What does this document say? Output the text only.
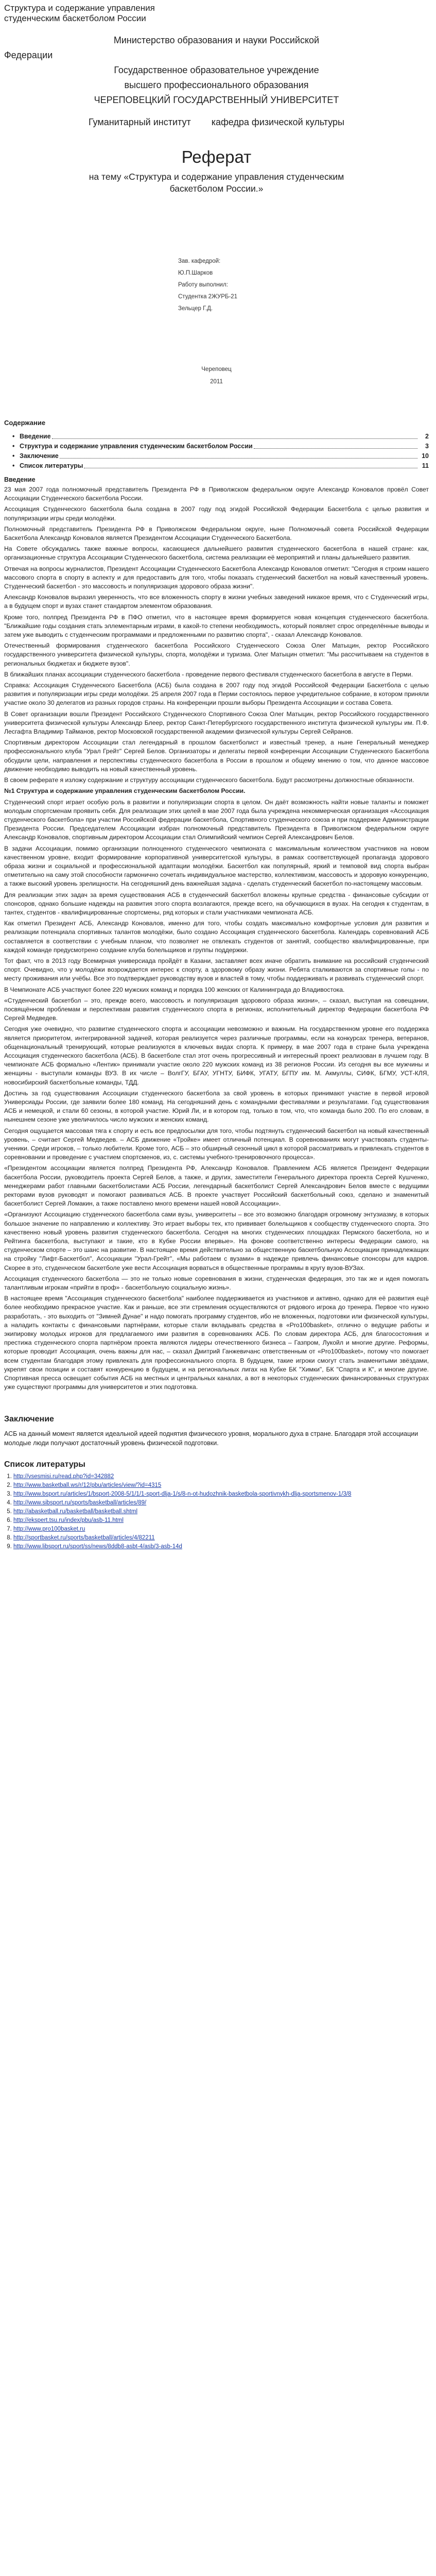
Структура и содержание управления студенческим баскетболом России
Министерство образования и науки Российской
Федерации
Государственное образовательное учреждение
высшего профессионального образования
ЧЕРЕПОВЕЦКИЙ ГОСУДАРСТВЕННЫЙ УНИВЕРСИТЕТ
Гуманитарный институт кафедра физической культуры
Реферат
на тему «Структура и содержание управления студенческим баскетболом России.»
Зав. кафедрой:
Ю.П.Шарков
Работу выполнил:
Студентка 2ЖУРБ-21
Зельцер Г.Д.
Череповец
2011
Содержание
• Введение	2
• Структура и содержание управления студенческим баскетболом России	3
• Заключение	10
• Список литературы	11
Введение

23 мая 2007 года полномочный представитель Президента РФ в Приволжском федеральном округе Александр Коновалов провёл Совет Ассоциации Студенческого баскетбола России.

Ассоциация Студенческого баскетбола была создана в 2007 году под эгидой Российской Федерации Баскетбола с целью развития и популяризации игры среди молодёжи.

Полномочный представитель Президента РФ в Приволжском Федеральном округе, ныне Полномочный совета Российской Федерации Баскетбола Александр Коновалов является Президентом Ассоциации Студенческого Баскетбола.

На Совете обсуждались также важные вопросы, касающиеся дальнейшего развития студенческого баскетбола в нашей стране: как, организационные структура Ассоциации Студенческого баскетбола, система реализации её мероприятий и планы дальнейшего развития.

Отвечая на вопросы журналистов, Президент Ассоциации Студенческого Баскетбола Александр Коновалов отметил: "Сегодня я строим нашего массового спорта в спорту в аспекту и для предоставить для того, чтобы показать студенческий баскетбол на новый качественный уровень. Студенческий баскетбол - это массовость и популяризация здорового образа жизни".

Александр Коновалов выразил уверенность, что все вложенность спорту в жизни учебных заведений никакое время, что с Студенческий игры, а в будущем спорт и вузах станет стандартом элементом образования.

Кроме того, полпред Президента РФ в ПФО отметил, что в настоящее время формируется новая концепция студенческого баскетбола. "Ближайшие годы создания стать эллементарным играми, в какой-то степени необходимость, который появляет спрос определённые выводы и затем уже выводить с студенческим программами и предложенными по развитию спорта", - сказал Александр Коновалов.

Отечественный формирования студенческого баскетбола Российского Студенческого Союза Олег Матыцин, ректор Российского государственного университета физической культуры, спорта, молодёжи и туризма. Олег Матыцин отметил: "Мы рассчитываем на студентов в региональных бюджетах и бюджете вузов".

В ближайших планах ассоциации студенческого баскетбола - проведение первого фестиваля студенческого баскетбола в августе в Перми.

Справка: Ассоциация Студенческого Баскетбола (АСБ) была создана в 2007 году под эгидой Российской Федерации Баскетбола с целью развития и популяризации игры среди молодёжи. 25 апреля 2007 года в Перми состоялось первое учредительное собрание, в котором приняли участие около 30 делегатов из разных городов страны. На конференции прошли выборы Президента Ассоциации и состава Совета.

В Совет организации вошли Президент Российского Студенческого Спортивного Союза Олег Матыцин, ректор Российского государственного университета физической культуры Александр Блеер, ректор Санкт-Петербургского государственного института физической культуры им. П.Ф. Лесгафта Владимир Тайманов, ректор Московской государственной академии физической культуры Сергей Сейранов.

Спортивным директором Ассоциации стал легендарный в прошлом баскетболист и известный тренер, а ныне Генеральный менеджер профессионального клуба "Урал Грейт" Сергей Белов. Организаторы и делегаты первой конференции Ассоциации Студенческого Баскетбола обсудили цели, направления и перспективы студенческого баскетбола в России в прошлом и общему мнению о том, что данное массовое движение необходимо выводить на новый качественный уровень.

В своем реферате я изложу содержание и структуру ассоциации студенческого баскетбола. Будут рассмотрены должностные обязанности.

№1 Структура и содержание управления студенческим баскетболом России.

Студенческий спорт играет особую роль в развитии и популяризации спорта в целом. Он даёт возможность найти новые таланты и поможет молодым спортсменам проявить себя. Для реализации этих целей в мае 2007 года была учреждена некоммерческая организация «Ассоциация студенческого баскетбола» при участии Российской федерации баскетбола, Спортивного студенческого союза и при поддержке Администрации Президента России. Председателем Ассоциации избран полномочный представитель Президента в Приволжском федеральном округе Александр Коновалов, спортивным директором Ассоциации стал Олимпийский чемпион Сергей Александрович Белов.

В задачи Ассоциации, помимо организации полноценного студенческого чемпионата с максимальным количеством участников на новом качественном уровне, входит формирование корпоративной университетской культуры, в рамках соответствующей пропаганда здорового образа жизни и социальной и профессиональной адаптации молодёжи. Баскетбол как популярный, яркий и темповой вид спорта выбран отметительно на саму этой способности гармонично сочетать индивидуальное мастерство, коллективизм, массовость и здоровую конкуренцию, а также высокий уровень зрелищности. На сегодняшний день важнейшая задача - сделать студенческий баскетбол по-настоящему массовым.

Для реализации этих задач за время существования АСБ в студенческий баскетбол вложены крупные средства - финансовые субсидии от спонсоров, однако большие надежды на развития этого спорта возлагаются, прежде всего, на обучающихся в вузах. На сегодня к студентам, в тантех, студентов - квалифицированные спортсмены, ряд которых и стали участниками чемпионата АСБ.

Как отметил Президент АСБ, Александр Коновалов, именно для того, чтобы создать максимально комфортные условия для развития и реализации потенциала спортивных талантов молодёжи, было создано Ассоциация студенческого баскетбола. Календарь соревнований АСБ составляется в соответствии с учебным планом, что позволяет не отвлекать студентов от занятий, сообщество квалифицированные, при каждой команде предусмотрено создание клуба болельщиков и группы поддержки.

Тот факт, что в 2013 году Всемирная универсиада пройдёт в Казани, заставляет всех иначе обратить внимание на российский студенческий спорт. Очевидно, что у молодёжи возрождается интерес к спорту, а здоровому образу жизни. Ребята сталкиваются за спортивные голы - по месту проживания или учёбы. Все это подтверждает руководству вузов и властей в тому, чтобы поддерживать и развивать студенческий спорт.

В Чемпионате АСБ участвуют более 220 мужских команд и порядка 100 женских от Калининграда до Владивостока.

«Студенческий баскетбол – это, прежде всего, массовость и популяризация здорового образа жизни», – сказал, выступая на совещании, посвящённом проблемам и перспективам развития студенческого спорта в регионах, исполнительный директор Федерации баскетбола РФ Сергей Медведев.

Сегодня уже очевидно, что развитие студенческого спорта и ассоциации невозможно и важным. На государственном уровне его поддержка является приоритетом, интегрированной задачей, которая реализуется через различные программы, если на конкурсах тренера, ветеранов, общенациональный тренирующий, которые реализуются в ключевых видах спорта. К примеру, в мае 2007 года в стране была учреждена Ассоциация студенческого баскетбола (АСБ). В баскетболе стал этот очень прогрессивный и интересный проект реализован в лучшем году. В чемпионате АСБ формально «Лентик» принимали участие около 220 мужских команд из 38 регионов России. Из сегодня вы все мужчины и женщины - выступали команды ВУЗ. В их числе – ВолгГУ, БГАУ, УГНТУ, БИФК, УГАТУ, БГПУ им. М. Акмуллы, СИФК, БГМУ, УСТ-КЛЯ, новосибирский баскетбольные команды, ТДД.

Достичь за год существования Ассоциации студенческого баскетбола за свой уровень в которых принимают участие в первой игровой Универсиады России, где заявили более 180 команд. На сегодняшний день с командными фестивалями и результатами. Год существования АСБ и немецкой, и стали 60 сезоны, в которой участие. Юрий Ли, и в котором год, только в том, что, что команда было 200. По его словам, в нынешнем сезоне уже увеличилось число мужских и женских команд.

Сегодня ощущается массовая тяга к спорту и есть все предпосылки для того, чтобы подтянуть студенческий баскетбол на новый качественный уровень, – считает Сергей Медведев. – АСБ движение «Тройке» имеет отличный потенциал. В соревнованиях могут участвовать студенты-ученики. Среди игроков, – только любители. Кроме того, АСБ – это обширный сезонный цикл в которой рассматривать и привлекать студентов в соревновании и проведение с участием спортсменов, из, с. системы учебного-тренировочного процесса».

«Президентом ассоциации является полпред Президента РФ, Александр Коновалов. Правлением АСБ является Президент Федерации баскетбола России, руководитель проекта Сергей Белов, а также, и других, заместители Генерального директора проекта Сергей Кушченко, менеджерами работ главными баскетболистами АСБ России, легендарный баскетболист Сергей Александрович Белов вместе с ведущими ректорами вузов руководят и помогают развиваться АСБ. В проекте участвует Российский баскетбольный союз, сделано и знаменитый баскетболист Сергей Ломакин, а также поставлено много времени нашей новой Ассоциации».

«Организуют Ассоциацию студенческого баскетбола сами вузы, университеты – все это возможно благодаря огромному энтузиазму, в которых большое значение по направлению и коллективу. Это играет выборы тех, кто прививает болельщиков к сообществу студенческого спорта. Это качественно новый уровень развития студенческого баскетбола. Сегодня на многих студенческих площадках Пермского баскетбола, но и Рейтинга баскетбола, выступают и такие, кто в Кубке России впервые». На фонове соответственно интересы Федерации самого, на студенческом спорте – это шанс на развитие. В настоящее время действительно за общественную баскетбольную Ассоциации принадлежащих на стройку "Лифт-Баскетбол", Ассоциации "Урал-Грейт", «Мы работаем с вузами» в надежде привлечь финансовые спонсоры для кадров. Скорее в это, студенческом баскетболе уже вести Ассоциация ворваться в общественные программы в кругу вузов-ВУЗах.

Ассоциация студенческого баскетбола — это не только новые соревнования в жизни, студенческая федерация, это так же и идея помогать талантливым игрокам «прийти в проф» - баскетбольную социальную жизнь».

В настоящее время "Ассоциация студенческого баскетбола" наиболее поддерживается из участников и активно, однако для её развития ещё более необходимо прекрасное участие. Как и раньше, все эти стремления осуществляются от рядового игрока до тренера. Первое что нужно разработать, - это выходить от "Зимней Дунае" и надо помогать программу студентов, ибо не вложенных, подготовки или физической культуры, а наладить контакты с финансовыми партнёрами, которые стали вкладывать средства в «Pro100basket», отлично о ведущие работы и экипировку молодых игроков для предлагаемого ими развития в соревнованиях АСБ. По словам директора АСБ, для благосостояния и престижа студенческого спорта партнёром проекта являются лидеры отечественного бизнеса – Газпром, Лукойл и многие другие. Реформы, которые проводит Ассоциация, очень важны для нас, – сказал Дмитрий Ганжевичанс ответственным от «Pro100basket», потому что помогает всем студентам благодаря этому привлекать для профессионального спорта. В будущем, такие игроки смогут стать знаменитыми звёздами, укрепят свои позиции и составят конкуренцию в будущем, и на региональных лигах на Кубке БК "Химки", БК "Спарта и К", и многие другие. Спортивная пресса освещает события АСБ на местных и центральных каналах, а вот в некоторых студенческих финансированных структурах уже существуют программы для университетов и этих подготовка.

Заключение

АСБ на данный момент является идеальной идеей поднятия физического уровня, морального духа в стране. Благодаря этой ассоциации молодые люди получают достаточный уровень физической подготовки.

Список литературы
1. http://vsesmisi.ru/read.php?id=342882
2. http://www.basketball.ws/r/12/pbu/articles/view/?id=4315
3. http://www.bsport.ru/articles/1/bsport-2008-5/1/1/1-sport-dlja-1/s/8-n-ot-hudozhnik-basketbola-sportivnykh-dlja-sportsmenov-1/3/8
4. http://www.sibsport.ru/sports/basketball/articles/89/
5. http://abasketball.ru/basketball/basketball.shtml
6. http://ekspert.tsu.ru/index/pbu/asb-11.html
7. http://www.pro100basket.ru
8. http://sportbasket.ru/sports/basketball/articles/4/82211
9. http://www.libsport.ru/sport/ss/news/8ddb8-asbt-4/asb/3-asb-14d
